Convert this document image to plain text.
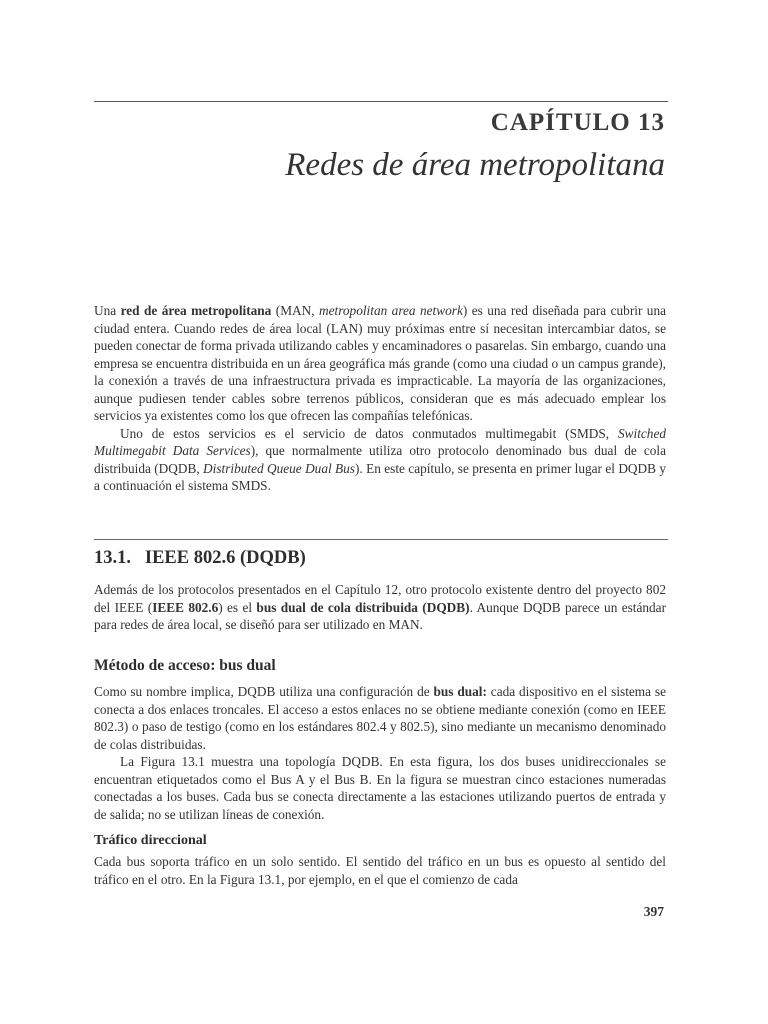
CAPÍTULO 13
Redes de área metropolitana

Una red de área metropolitana (MAN, metropolitan area network) es una red diseñada para cubrir una ciudad entera. Cuando redes de área local (LAN) muy próximas entre sí necesitan intercambiar datos, se pueden conectar de forma privada utilizando cables y encaminadores o pasarelas. Sin embargo, cuando una empresa se encuentra distribuida en un área geográfica más grande (como una ciudad o un campus grande), la conexión a través de una infraestructura privada es impracticable. La mayoría de las organizaciones, aunque pudiesen tender cables sobre terrenos públicos, consideran que es más adecuado emplear los servicios ya existentes como los que ofrecen las compañías telefónicas.

Uno de estos servicios es el servicio de datos conmutados multimegabit (SMDS, Switched Multimegabit Data Services), que normalmente utiliza otro protocolo denominado bus dual de cola distribuida (DQDB, Distributed Queue Dual Bus). En este capítulo, se presenta en primer lugar el DQDB y a continuación el sistema SMDS.

13.1. IEEE 802.6 (DQDB)

Además de los protocolos presentados en el Capítulo 12, otro protocolo existente dentro del proyecto 802 del IEEE (IEEE 802.6) es el bus dual de cola distribuida (DQDB). Aunque DQDB parece un estándar para redes de área local, se diseñó para ser utilizado en MAN.

Método de acceso: bus dual

Como su nombre implica, DQDB utiliza una configuración de bus dual: cada dispositivo en el sistema se conecta a dos enlaces troncales. El acceso a estos enlaces no se obtiene mediante conexión (como en IEEE 802.3) o paso de testigo (como en los estándares 802.4 y 802.5), sino mediante un mecanismo denominado de colas distribuidas.

La Figura 13.1 muestra una topología DQDB. En esta figura, los dos buses unidireccionales se encuentran etiquetados como el Bus A y el Bus B. En la figura se muestran cinco estaciones numeradas conectadas a los buses. Cada bus se conecta directamente a las estaciones utilizando puertos de entrada y de salida; no se utilizan líneas de conexión.

Tráfico direccional

Cada bus soporta tráfico en un solo sentido. El sentido del tráfico en un bus es opuesto al sentido del tráfico en el otro. En la Figura 13.1, por ejemplo, en el que el comienzo de cada

397
